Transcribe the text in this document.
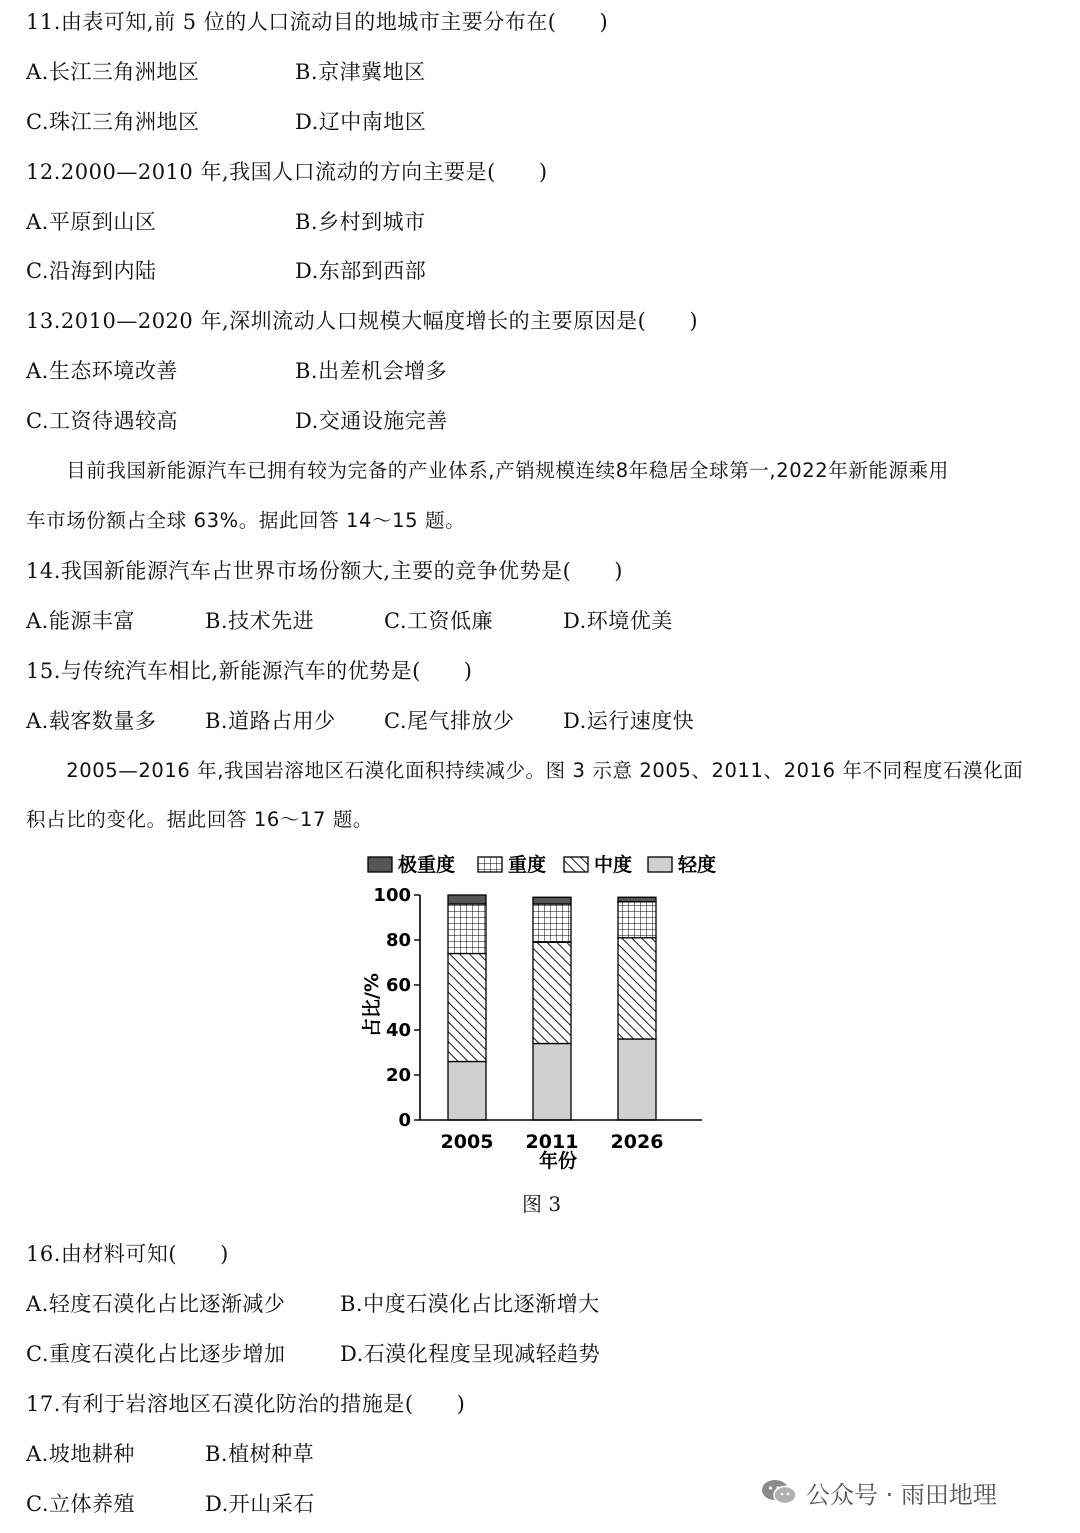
11.由表可知,前 5 位的人口流动目的地城市主要分布在(　　)
A.长江三角洲地区	B.京津冀地区
C.珠江三角洲地区	D.辽中南地区
12.2000—2010 年,我国人口流动的方向主要是(　　)
A.平原到山区	B.乡村到城市
C.沿海到内陆	D.东部到西部
13.2010—2020 年,深圳流动人口规模大幅度增长的主要原因是(　　)
A.生态环境改善	B.出差机会增多
C.工资待遇较高	D.交通设施完善
　　目前我国新能源汽车已拥有较为完备的产业体系,产销规模连续8年稳居全球第一,2022年新能源乘用
车市场份额占全球 63%。据此回答 14～15 题。
14.我国新能源汽车占世界市场份额大,主要的竞争优势是(　　)
A.能源丰富	B.技术先进	C.工资低廉	D.环境优美
15.与传统汽车相比,新能源汽车的优势是(　　)
A.载客数量多 B.道路占用少 C.尾气排放少 D.运行速度快
　　2005—2016 年,我国岩溶地区石漠化面积持续减少。图 3 示意 2005、2011、2016 年不同程度石漠化面
积占比的变化。据此回答 16～17 题。
极重度	重度	中度 轻度
0
20
40
60
80
100
2005 2011 2026
占比/%
年份
图 3
16.由材料可知(　　)
A.轻度石漠化占比逐渐减少	B.中度石漠化占比逐渐增大
C.重度石漠化占比逐步增加	D.石漠化程度呈现减轻趋势
17.有利于岩溶地区石漠化防治的措施是(　　)
A.坡地耕种	B.植树种草
C.立体养殖	D.开山采石	公众号 · 雨田地理
